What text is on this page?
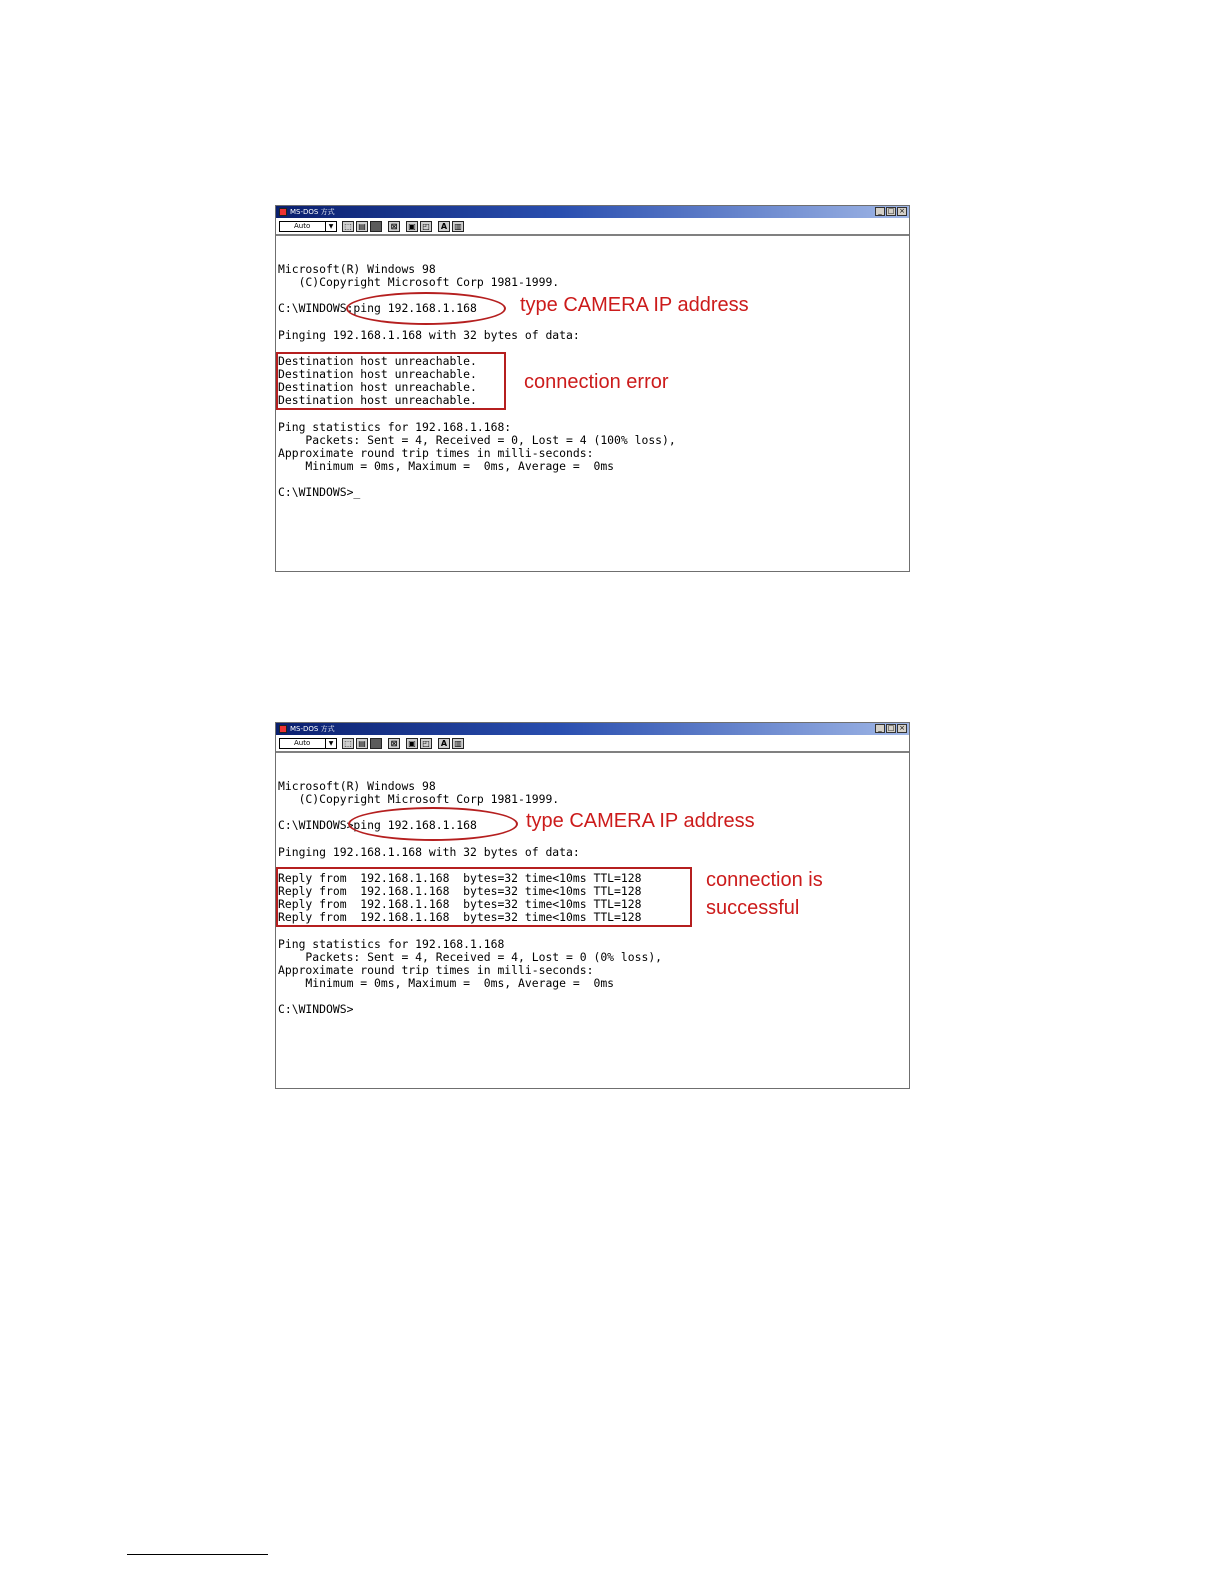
MS-DOS 方式	_ □ ×
Auto	▼	⬚ ▤	⊠	▣ ◰	A ▥
Microsoft(R) Windows 98
(C)Copyright Microsoft Corp 1981-1999.
C:\WINDOWS:ping 192.168.1.168
Pinging 192.168.1.168 with 32 bytes of data:
Destination host unreachable.
Destination host unreachable.
Destination host unreachable.
Destination host unreachable.
Ping statistics for 192.168.1.168:
Packets: Sent = 4, Received = 0, Lost = 4 (100% loss),
Approximate round trip times in milli-seconds:
Minimum = 0ms, Maximum =  0ms, Average =  0ms
C:\WINDOWS>_
type CAMERA IP address
connection error
MS-DOS 方式	_ □ ×
Auto	▼	⬚ ▤	⊠	▣ ◰	A ▥
Microsoft(R) Windows 98
(C)Copyright Microsoft Corp 1981-1999.
C:\WINDOWS>ping 192.168.1.168
Pinging 192.168.1.168 with 32 bytes of data:
Reply from  192.168.1.168  bytes=32 time<10ms TTL=128
Reply from  192.168.1.168  bytes=32 time<10ms TTL=128
Reply from  192.168.1.168  bytes=32 time<10ms TTL=128
Reply from  192.168.1.168  bytes=32 time<10ms TTL=128
Ping statistics for 192.168.1.168
Packets: Sent = 4, Received = 4, Lost = 0 (0% loss),
Approximate round trip times in milli-seconds:
Minimum = 0ms, Maximum =  0ms, Average =  0ms
C:\WINDOWS>
type CAMERA IP address
connection is
successful
